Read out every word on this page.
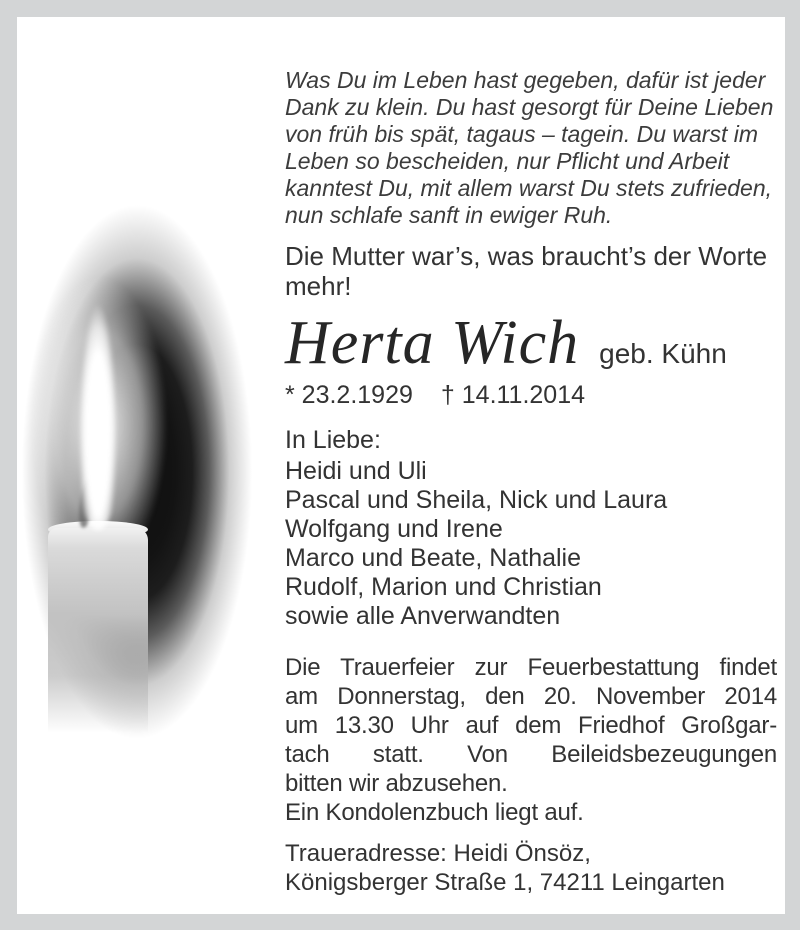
Was Du im Leben hast gegeben, dafür ist jeder
Dank zu klein. Du hast gesorgt für Deine Lieben
von früh bis spät, tagaus – tagein. Du warst im
Leben so bescheiden, nur Pflicht und Arbeit
kanntest Du, mit allem warst Du stets zufrieden,
nun schlafe sanft in ewiger Ruh.
Die Mutter war’s, was braucht’s der Worte
mehr!
Herta Wich geb. Kühn
* 23.2.1929 † 14.11.2014
In Liebe:
Heidi und Uli
Pascal und Sheila, Nick und Laura
Wolfgang und Irene
Marco und Beate, Nathalie
Rudolf, Marion und Christian
sowie alle Anverwandten
Die Trauerfeier zur Feuerbestattung findet
am Donnerstag, den 20. November 2014
um 13.30 Uhr auf dem Friedhof Großgar-
tach statt. Von Beileidsbezeugungen
bitten wir abzusehen.
Ein Kondolenzbuch liegt auf.
Traueradresse: Heidi Önsöz,
Königsberger Straße 1, 74211 Leingarten
